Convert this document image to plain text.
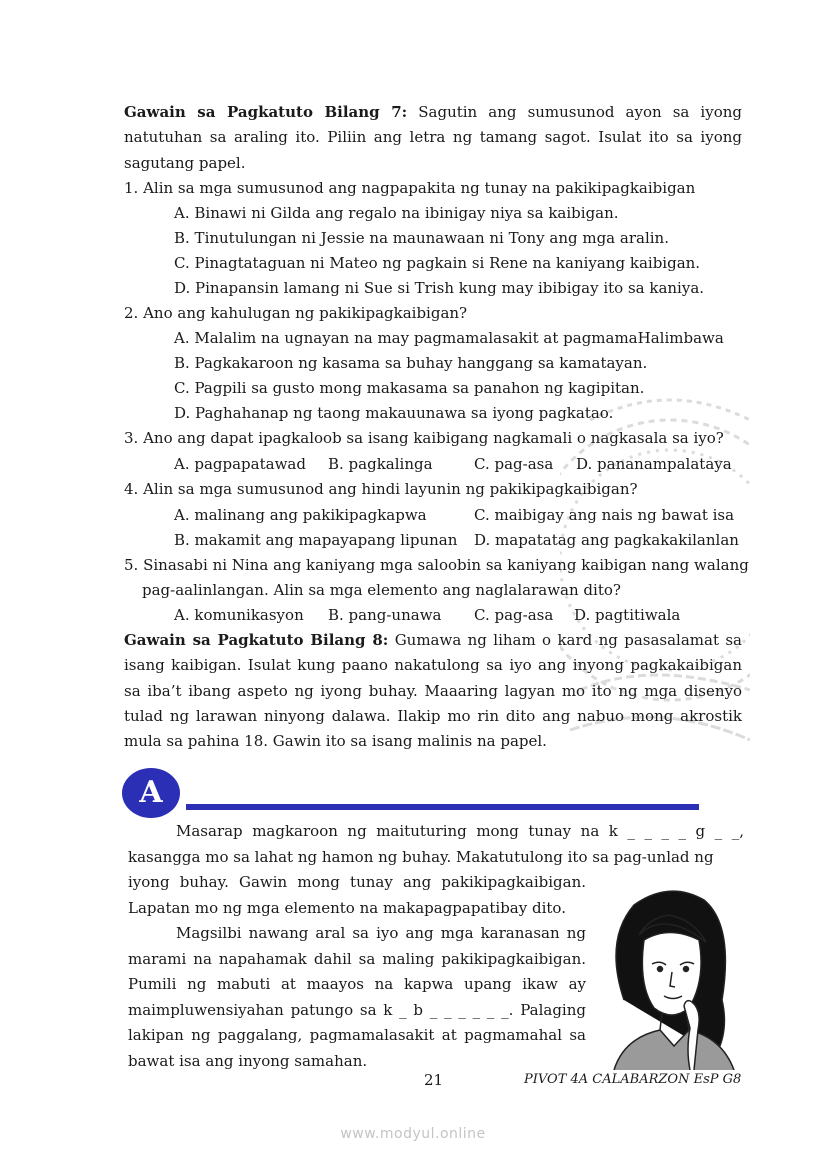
Gawain sa Pagkatuto Bilang 7: Sagutin ang sumusunod ayon sa iyong natutuhan sa araling ito. Piliin ang letra ng tamang sagot. Isulat ito sa iyong sagutang papel.
1. Alin sa mga sumusunod ang nagpapakita ng tunay na pakikipagkaibigan
A. Binawi ni Gilda ang regalo na ibinigay niya sa kaibigan.
B. Tinutulungan ni Jessie na maunawaan ni Tony ang mga aralin.
C. Pinagtataguan ni Mateo ng pagkain si Rene na kaniyang kaibigan.
D. Pinapansin lamang ni Sue si Trish kung may ibibigay ito sa kaniya.
2. Ano ang kahulugan ng pakikipagkaibigan?
A. Malalim na ugnayan na may pagmamalasakit at pagmamaHalimbawa
B. Pagkakaroon ng kasama sa buhay hanggang sa kamatayan.
C. Pagpili sa gusto mong makasama sa panahon ng kagipitan.
D. Paghahanap ng taong makauunawa sa iyong pagkatao.
3. Ano ang dapat ipagkaloob sa isang kaibigang nagkamali o nagkasala sa iyo?
A. pagpapatawad B. pagkalinga	C. pag-asa D. pananampalataya
4. Alin sa mga sumusunod ang hindi layunin ng pakikipagkaibigan?
A. malinang ang pakikipagkapwa
B. makamit ang mapayapang lipunan
C. maibigay ang nais ng bawat isa
D. mapatatag ang pagkakakilanlan
5. Sinasabi ni Nina ang kaniyang mga saloobin sa kaniyang kaibigan nang walang
pag-aalinlangan. Alin sa mga elemento ang naglalarawan dito?
A. komunikasyon B. pang-unawa C. pag-asa D. pagtitiwala
Gawain sa Pagkatuto Bilang 8: Gumawa ng liham o kard ng pasasalamat sa isang kaibigan. Isulat kung paano nakatulong sa iyo ang inyong pagkakaibigan sa iba’t ibang aspeto ng iyong buhay. Maaaring lagyan mo ito ng mga disenyo tulad ng larawan ninyong dalawa. Ilakip mo rin dito ang nabuo mong akrostik mula sa pahina 18. Gawin ito sa isang malinis na papel.
A
Masarap magkaroon ng maituturing mong tunay na k _ _ _ _ g _ _, kasangga mo sa lahat ng hamon ng buhay. Makatutulong ito sa pag-unlad ng
iyong buhay. Gawin mong tunay ang pakikipagkaibigan. Lapatan mo ng mga elemento na makapagpapatibay dito.
Magsilbi nawang aral sa iyo ang mga karanasan ng marami na napahamak dahil sa maling pakikipagkaibigan. Pumili ng mabuti at maayos na kapwa upang ikaw ay maimpluwensiyahan patungo sa k _ b _ _ _ _ _ _. Palaging lakipan ng paggalang, pagmamalasakit at pagmamahal sa bawat isa ang inyong samahan.
21	PIVOT 4A CALABARZON EsP G8
www.modyul.online
